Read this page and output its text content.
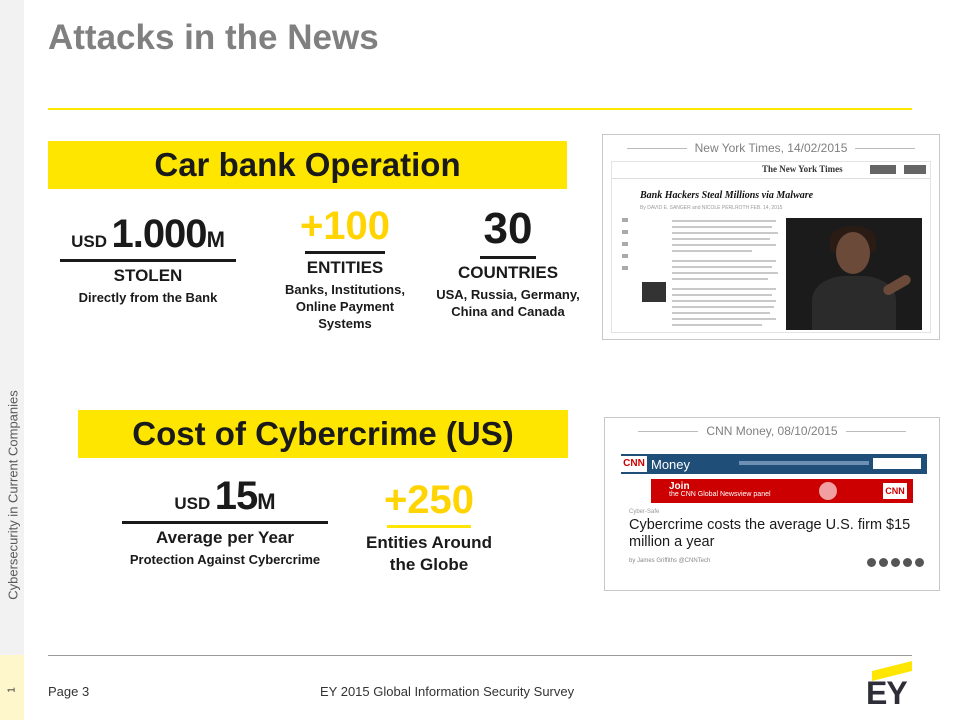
Cybersecurity in Current Companies
1
Attacks in the News
Car bank Operation
USD 1.000M
STOLEN
Directly from the Bank
+100
ENTITIES
Banks, Institutions,
Online Payment Systems
30
COUNTRIES
USA, Russia, Germany,
China and Canada
New York Times, 14/02/2015
The New York Times
Bank Hackers Steal Millions via Malware
By DAVID E. SANGER and NICOLE PERLROTH FEB. 14, 2015
Cost of Cybercrime (US)
USD 15M
Average per Year
Protection Against Cybercrime
+250
Entities Around
the Globe
CNN Money, 08/10/2015
CNN Money
Join
the CNN Global Newsview panel	CNN
Cyber-Safe
Cybercrime costs the average U.S. firm $15 million a year
by James Griffiths @CNNTech
Page 3	EY 2015 Global Information Security Survey	EY
